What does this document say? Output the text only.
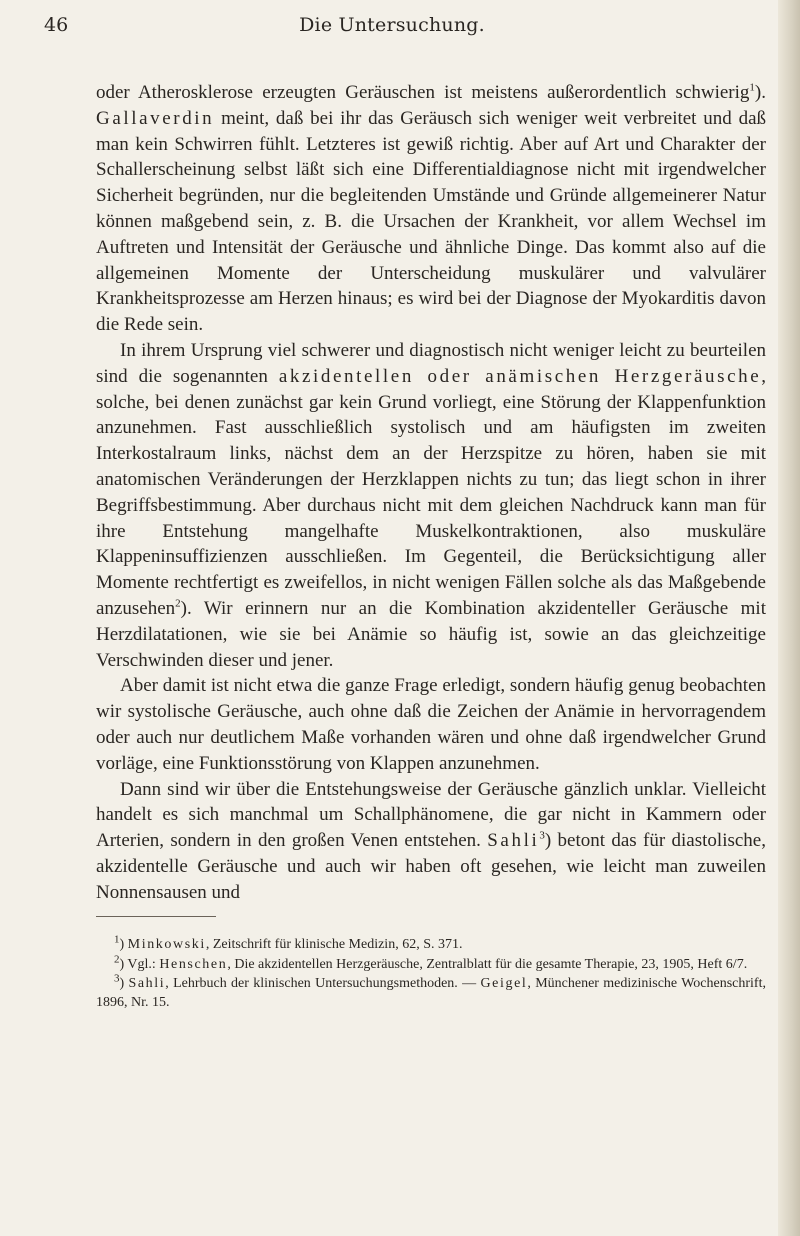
46	Die Untersuchung.

oder Atherosklerose erzeugten Geräuschen ist meistens außerordentlich schwierig$^1$). Gallaverdin meint, daß bei ihr das Geräusch sich weniger weit verbreitet und daß man kein Schwirren fühlt. Letzteres ist gewiß richtig. Aber auf Art und Charakter der Schallerscheinung selbst läßt sich eine Differentialdiagnose nicht mit irgendwelcher Sicherheit begründen, nur die begleitenden Umstände und Gründe allgemeinerer Natur können maßgebend sein, z. B. die Ursachen der Krankheit, vor allem Wechsel im Auftreten und Intensität der Geräusche und ähnliche Dinge. Das kommt also auf die allgemeinen Momente der Unterscheidung muskulärer und valvulärer Krankheitsprozesse am Herzen hinaus; es wird bei der Diagnose der Myokarditis davon die Rede sein.

In ihrem Ursprung viel schwerer und diagnostisch nicht weniger leicht zu beurteilen sind die sogenannten akzidentellen oder anämischen Herzgeräusche, solche, bei denen zunächst gar kein Grund vorliegt, eine Störung der Klappenfunktion anzunehmen. Fast ausschließlich systolisch und am häufigsten im zweiten Interkostalraum links, nächst dem an der Herzspitze zu hören, haben sie mit anatomischen Veränderungen der Herzklappen nichts zu tun; das liegt schon in ihrer Begriffsbestimmung. Aber durchaus nicht mit dem gleichen Nachdruck kann man für ihre Entstehung mangelhafte Muskelkontraktionen, also muskuläre Klappeninsuffizienzen ausschließen. Im Gegenteil, die Berücksichtigung aller Momente rechtfertigt es zweifellos, in nicht wenigen Fällen solche als das Maßgebende anzusehen$^2$). Wir erinnern nur an die Kombination akzidenteller Geräusche mit Herzdilatationen, wie sie bei Anämie so häufig ist, sowie an das gleichzeitige Verschwinden dieser und jener.

Aber damit ist nicht etwa die ganze Frage erledigt, sondern häufig genug beobachten wir systolische Geräusche, auch ohne daß die Zeichen der Anämie in hervorragendem oder auch nur deutlichem Maße vorhanden wären und ohne daß irgendwelcher Grund vorläge, eine Funktionsstörung von Klappen anzunehmen.

Dann sind wir über die Entstehungsweise der Geräusche gänzlich unklar. Vielleicht handelt es sich manchmal um Schallphänomene, die gar nicht in Kammern oder Arterien, sondern in den großen Venen entstehen. Sahli$^3$) betont das für diastolische, akzidentelle Geräusche und auch wir haben oft gesehen, wie leicht man zuweilen Nonnensausen und

$^1$) Minkowski, Zeitschrift für klinische Medizin, 62, S. 371.

$^2$) Vgl.: Henschen, Die akzidentellen Herzgeräusche, Zentralblatt für die gesamte Therapie, 23, 1905, Heft 6/7.

$^3$) Sahli, Lehrbuch der klinischen Untersuchungsmethoden. — Geigel, Münchener medizinische Wochenschrift, 1896, Nr. 15.
